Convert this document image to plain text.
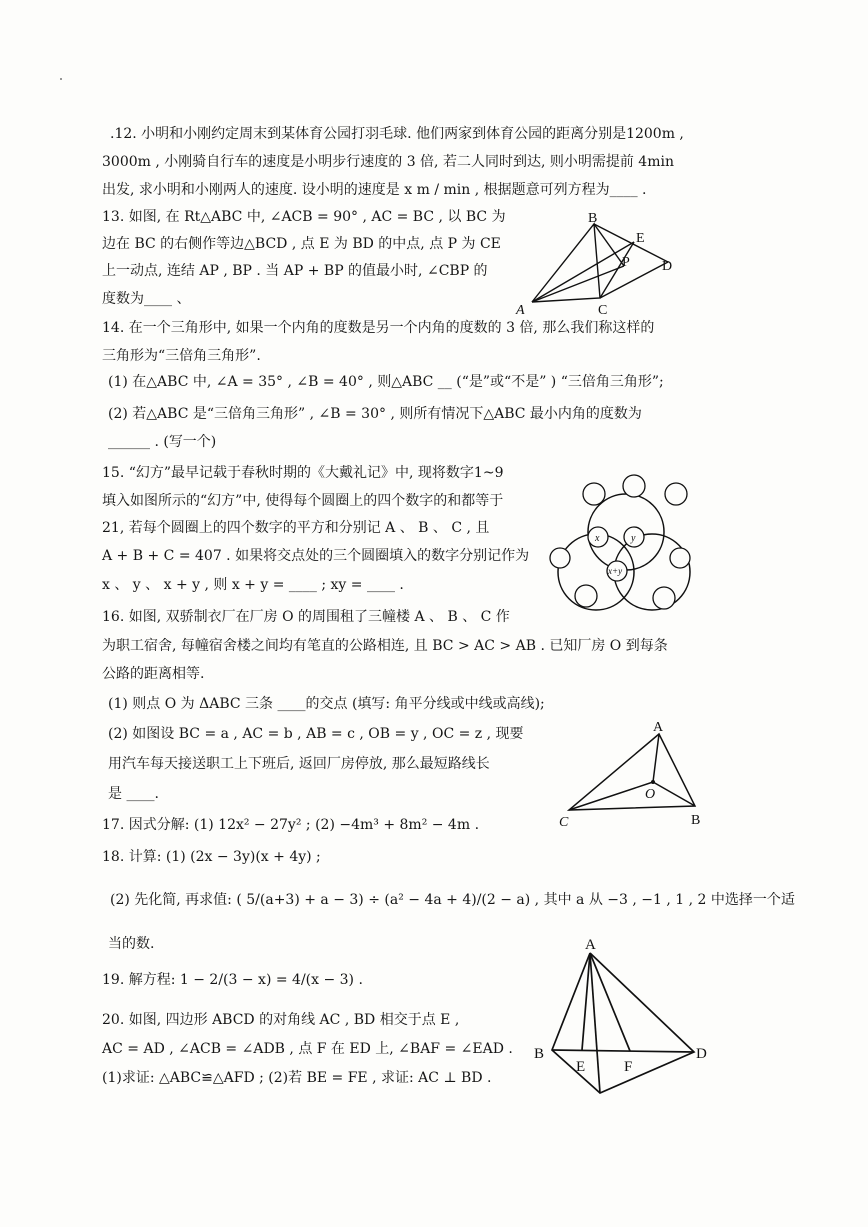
.12. 小明和小刚约定周末到某体育公园打羽毛球. 他们两家到体育公园的距离分别是1200m ,
3000m , 小刚骑自行车的速度是小明步行速度的 3 倍, 若二人同时到达, 则小明需提前 4min
出发, 求小明和小刚两人的速度. 设小明的速度是 x m / min , 根据题意可列方程为____ .
13. 如图, 在 Rt△ABC 中, ∠ACB = 90° , AC = BC , 以 BC 为
边在 BC 的右侧作等边△BCD , 点 E 为 BD 的中点, 点 P 为 CE
上一动点, 连结 AP , BP . 当 AP + BP 的值最小时, ∠CBP 的
度数为____ 、
B
E
P D
A	C
14. 在一个三角形中, 如果一个内角的度数是另一个内角的度数的 3 倍, 那么我们称这样的
三角形为“三倍角三角形”.
(1) 在△ABC 中, ∠A = 35° , ∠B = 40° , 则△ABC __ (“是”或“不是” ) “三倍角三角形”;
(2) 若△ABC 是“三倍角三角形” , ∠B = 30° , 则所有情况下△ABC 最小内角的度数为
______ . (写一个)
15. “幻方”最早记载于春秋时期的《大戴礼记》中, 现将数字1~9
填入如图所示的“幻方”中, 使得每个圆圈上的四个数字的和都等于
21, 若每个圆圈上的四个数字的平方和分别记 A 、 B 、 C , 且
A + B + C = 407 . 如果将交点处的三个圆圈填入的数字分别记作为
x 、 y 、 x + y , 则 x + y = ____ ; xy = ____ .
x	y
x+y
16. 如图, 双骄制衣厂在厂房 O 的周围租了三幢楼 A 、 B 、 C 作
为职工宿舍, 每幢宿舍楼之间均有笔直的公路相连, 且 BC > AC > AB . 已知厂房 O 到每条
公路的距离相等.
(1) 则点 O 为 ΔABC 三条 ____的交点 (填写: 角平分线或中线或高线);
(2) 如图设 BC = a , AC = b , AB = c , OB = y , OC = z , 现要
用汽车每天接送职工上下班后, 返回厂房停放, 那么最短路线长
是 ____.
A
O
C	B
17. 因式分解: (1) 12x² − 27y² ; (2) −4m³ + 8m² − 4m .
18. 计算: (1) (2x − 3y)(x + 4y) ;
(2) 先化简, 再求值: ( 5/(a+3) + a − 3) ÷ (a² − 4a + 4)/(2 − a) , 其中 a 从 −3 , −1 , 1 , 2 中选择一个适
当的数.
19. 解方程: 1 − 2/(3 − x) = 4/(x − 3) .
20. 如图, 四边形 ABCD 的对角线 AC , BD 相交于点 E ,
AC = AD , ∠ACB = ∠ADB , 点 F 在 ED 上, ∠BAF = ∠EAD .
(1)求证: △ABC≌△AFD ; (2)若 BE = FE , 求证: AC ⊥ BD .
A
B
E	F
D
